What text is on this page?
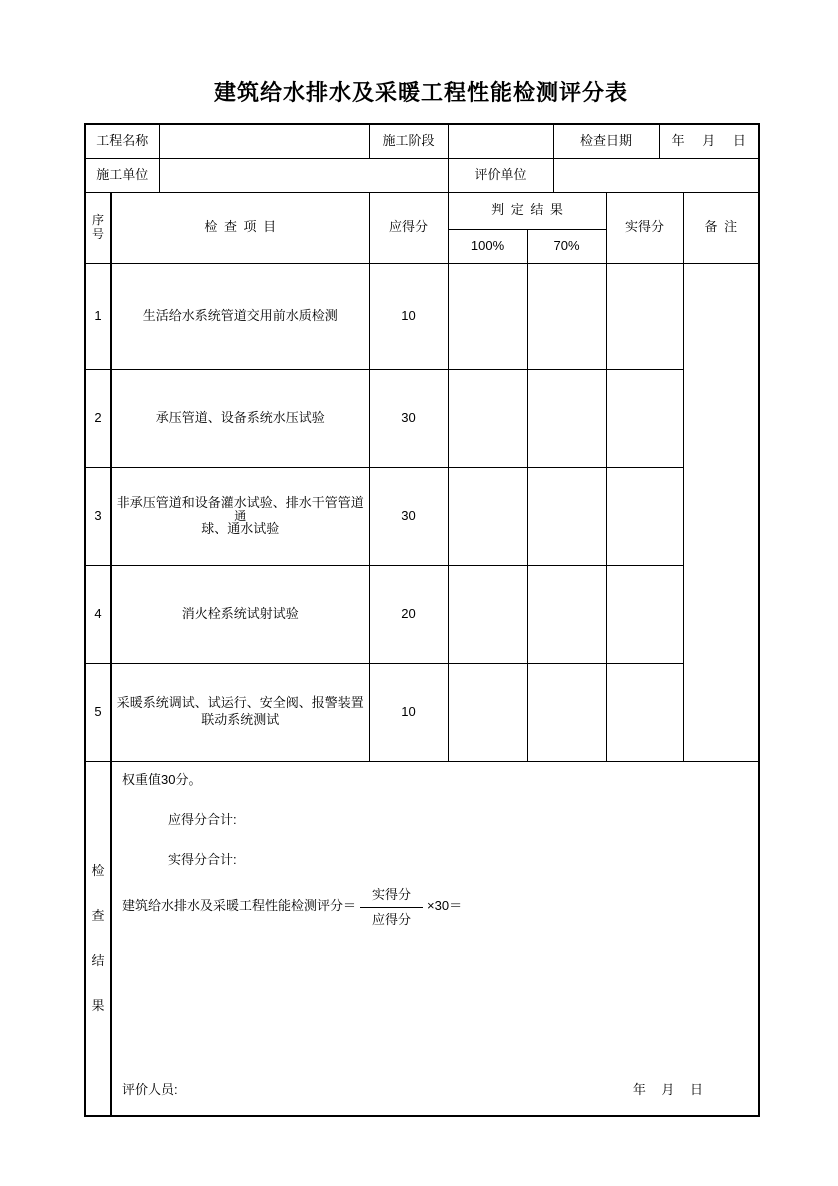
建筑给水排水及采暖工程性能检测评分表
工程名称			施工阶段			检查日期		年 月 日	
施工单位				评价单位					

序号	检 查 项 目		应得分	判 定 结 果			实得分		备 注
				100%	70%				
1	生活给水系统管道交用前水质检测		10						
2	承压管道、设备系统水压试验		30						
3	非承压管道和设备灌水试验、排水干管管道
通
球、通水试验		30						
4	消火栓系统试射试验		20						
5	采暖系统调试、试运行、安全阀、报警装置
联动系统测试		10						

检查结果

权重值30分。
应得分合计:
实得分合计:
建筑给水排水及采暖工程性能检测评分＝ $\frac{\text{实得分}}{\text{应得分}} \times 30=$
评价人员:	年 月 日
